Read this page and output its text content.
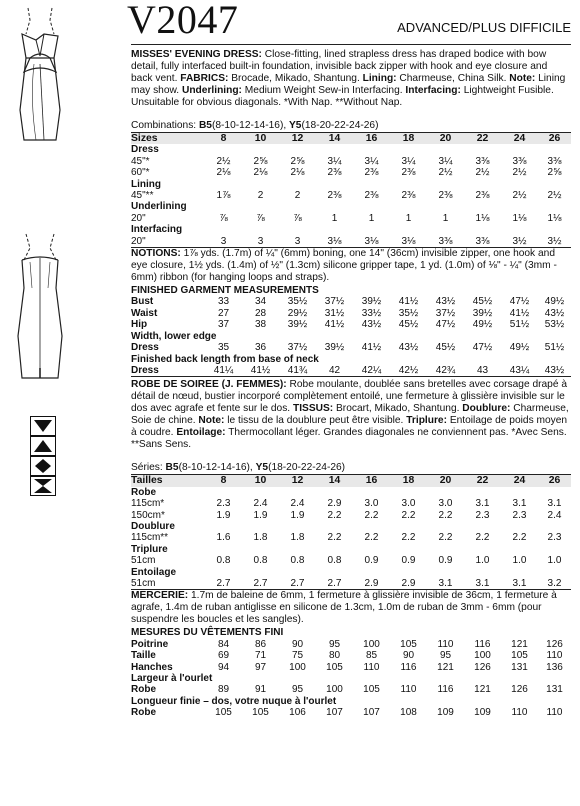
V2047	ADVANCED/PLUS DIFFICILE

MISSES' EVENING DRESS: Close-fitting, lined strapless dress has draped bodice with bow detail, fully interfaced built-in foundation, invisible back zipper with hook and eye closure and back vent. FABRICS: Brocade, Mikado, Shantung. Lining: Charmeuse, China Silk. Note: Lining may show. Underlining: Medium Weight Sew-in Interfacing. Interfacing: Lightweight Fusible. Unsuitable for obvious diagonals. *With Nap. **Without Nap.

Combinations: B5(8-10-12-14-16), Y5(18-20-22-24-26)
Sizes	8	10	12	14	16	18	20	22	24	26
Dress										
45"*	2½	2⅝	2⅝	3¼	3¼	3¼	3¼	3⅜	3⅜	3⅜
60"*	2⅛	2⅛	2⅛	2⅜	2⅜	2⅜	2½	2½	2½	2⅝
Lining										
45"**	1⅞	2	2	2⅜	2⅜	2⅜	2⅜	2⅜	2½	2½
Underlining										
20"	⅞	⅞	⅞	1	1	1	1	1⅛	1⅛	1⅛
Interfacing										
20"	3	3	3	3⅛	3⅛	3⅛	3⅜	3⅜	3½	3½

NOTIONS: 1⅞ yds. (1.7m) of ¼" (6mm) boning, one 14" (36cm) invisible zipper, one hook and eye closure, 1½ yds. (1.4m) of ½" (1.3cm) silicone gripper tape, 1 yd. (1.0m) of ⅛" - ¼" (3mm - 6mm) ribbon (for hanging loops and straps).

FINISHED GARMENT MEASUREMENTS										
Bust	33	34	35½	37½	39½	41½	43½	45½	47½	49½
Waist	27	28	29½	31½	33½	35½	37½	39½	41½	43½
Hip	37	38	39½	41½	43½	45½	47½	49½	51½	53½
Width, lower edge										
Dress	35	36	37½	39½	41½	43½	45½	47½	49½	51½
Finished back length from base of neck										
Dress	41¼	41½	41¾	42	42¼	42½	42¾	43	43¼	43½

ROBE DE SOIREE (J. FEMMES): Robe moulante, doublée sans bretelles avec corsage drapé à détail de nœud, bustier incorporé complètement entoilé, une fermeture à glissière invisible sur le dos avec agrafe et fente sur le dos. TISSUS: Brocart, Mikado, Shantung. Doublure: Charmeuse, Soie de chine. Note: le tissu de la doublure peut être visible. Triplure: Entoilage de poids moyen à coudre. Entoilage: Thermocollant léger. Grandes diagonales ne conviennent pas. *Avec Sens. **Sans Sens.

Séries: B5(8-10-12-14-16), Y5(18-20-22-24-26)
Tailles	8	10	12	14	16	18	20	22	24	26
Robe										
115cm*	2.3	2.4	2.4	2.9	3.0	3.0	3.0	3.1	3.1	3.1
150cm*	1.9	1.9	1.9	2.2	2.2	2.2	2.2	2.3	2.3	2.4
Doublure										
115cm**	1.6	1.8	1.8	2.2	2.2	2.2	2.2	2.2	2.2	2.3
Triplure										
51cm	0.8	0.8	0.8	0.8	0.9	0.9	0.9	1.0	1.0	1.0
Entoilage										
51cm	2.7	2.7	2.7	2.7	2.9	2.9	3.1	3.1	3.1	3.2

MERCERIE: 1.7m de baleine de 6mm, 1 fermeture à glissière invisible de 36cm, 1 fermeture à agrafe, 1.4m de ruban antiglisse en silicone de 1.3cm, 1.0m de ruban de 3mm - 6mm (pour suspendre les boucles et les sangles).

MESURES DU VÊTEMENTS FINI										
Poitrine	84	86	90	95	100	105	110	116	121	126
Taille	69	71	75	80	85	90	95	100	105	110
Hanches	94	97	100	105	110	116	121	126	131	136
Largeur à l'ourlet										
Robe	89	91	95	100	105	110	116	121	126	131
Longueur finie – dos, votre nuque à l'ourlet										
Robe	105	105	106	107	107	108	109	109	110	110
